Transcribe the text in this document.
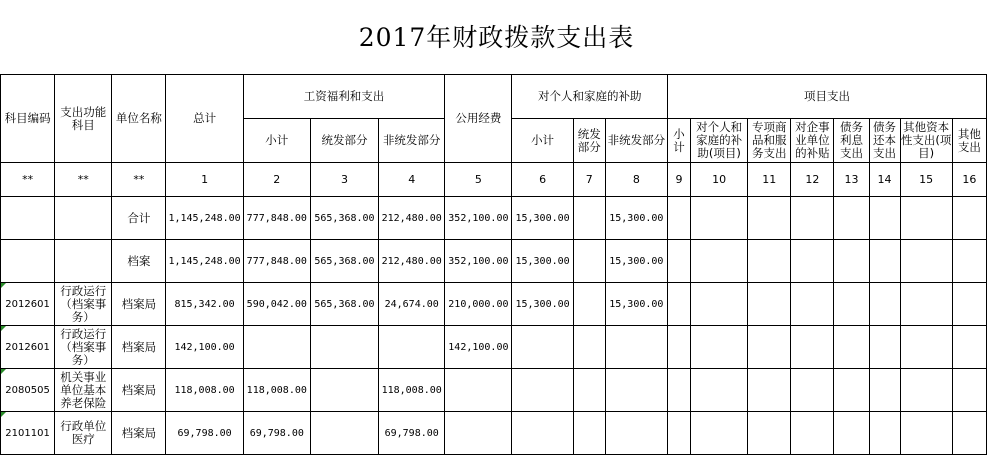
2017年财政拨款支出表
科目编码	支出功能科目	单位名称	总计	工资福利和支出			公用经费	对个人和家庭的补助			项目支出							
				小计	统发部分	非统发部分		小计	统发部分	非统发部分	小计	对个人和家庭的补助(项目)	专项商品和服务支出	对企事业单位的补贴	债务利息支出	债务还本支出	其他资本性支出(项目)	其他支出
**	**	**	1	2	3	4	5	6	7	8	9	10	11	12	13	14	15	16
		合计	1,145,248.00	777,848.00	565,368.00	212,480.00	352,100.00	15,300.00		15,300.00								
		档案	1,145,248.00	777,848.00	565,368.00	212,480.00	352,100.00	15,300.00		15,300.00								

2012601	行政运行（档案事务）	档案局	815,342.00	590,042.00	565,368.00	24,674.00	210,000.00	15,300.00		15,300.00								

2012601	行政运行（档案事务）	档案局	142,100.00				142,100.00											

2080505	机关事业单位基本养老保险	档案局	118,008.00	118,008.00		118,008.00												

2101101	行政单位医疗	档案局	69,798.00	69,798.00		69,798.00												
